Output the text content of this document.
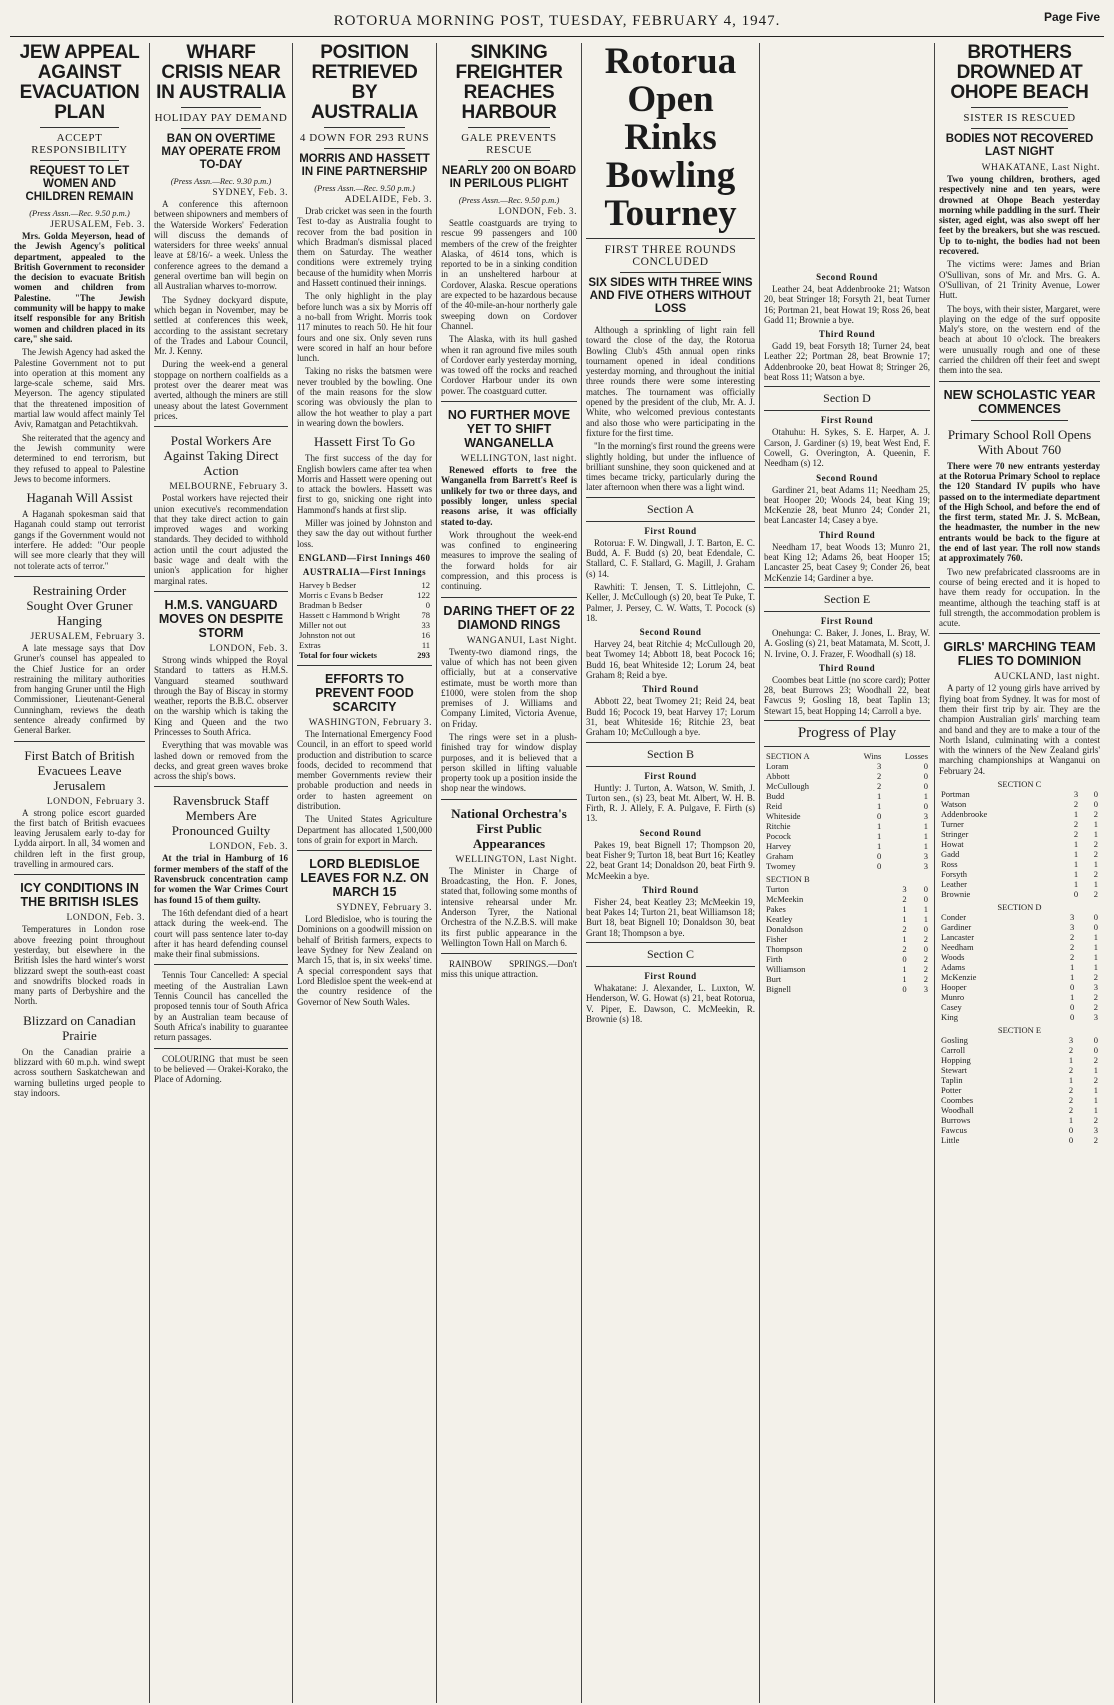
ROTORUA MORNING POST, TUESDAY, FEBRUARY 4, 1947.	Page Five
JEW APPEAL AGAINST EVACUATION PLAN
ACCEPT RESPONSIBILITY
REQUEST TO LET WOMEN AND CHILDREN REMAIN
(Press Assn.—Rec. 9.50 p.m.)
JERUSALEM, Feb. 3.

Mrs. Golda Meyerson, head of the Jewish Agency's political department, appealed to the British Government to reconsider the decision to evacuate British women and children from Palestine. "The Jewish community will be happy to make itself responsible for any British women and children placed in its care," she said.

The Jewish Agency had asked the Palestine Government not to put into operation at this moment any large-scale scheme, said Mrs. Meyerson. The agency stipulated that the threatened imposition of martial law would affect mainly Tel Aviv, Ramatgan and Petachtikvah.

She reiterated that the agency and the Jewish community were determined to end terrorism, but they refused to appeal to Palestine Jews to become informers.

Haganah Will Assist

A Haganah spokesman said that Haganah could stamp out terrorist gangs if the Government would not interfere. He added: "Our people will see more clearly that they will not tolerate acts of terror."

Restraining Order Sought Over Gruner Hanging
JERUSALEM, February 3.

A late message says that Dov Gruner's counsel has appealed to the Chief Justice for an order restraining the military authorities from hanging Gruner until the High Commissioner, Lieutenant-General Cunningham, reviews the death sentence already confirmed by General Barker.

First Batch of British Evacuees Leave Jerusalem
LONDON, February 3.

A strong police escort guarded the first batch of British evacuees leaving Jerusalem early to-day for Lydda airport. In all, 34 women and children left in the first group, travelling in armoured cars.

ICY CONDITIONS IN THE BRITISH ISLES
LONDON, Feb. 3.

Temperatures in London rose above freezing point throughout yesterday, but elsewhere in the British Isles the hard winter's worst blizzard swept the south-east coast and snowdrifts blocked roads in many parts of Derbyshire and the North.

Blizzard on Canadian Prairie

On the Canadian prairie a blizzard with 60 m.p.h. wind swept across southern Saskatchewan and warning bulletins urged people to stay indoors.

WHARF CRISIS NEAR IN AUSTRALIA
HOLIDAY PAY DEMAND
BAN ON OVERTIME MAY OPERATE FROM TO-DAY
(Press Assn.—Rec. 9.30 p.m.)
SYDNEY, Feb. 3.

A conference this afternoon between shipowners and members of the Waterside Workers' Federation will discuss the demands of watersiders for three weeks' annual leave at £8/16/- a week. Unless the conference agrees to the demand a general overtime ban will begin on all Australian wharves to-morrow.

The Sydney dockyard dispute, which began in November, may be settled at conferences this week, according to the assistant secretary of the Trades and Labour Council, Mr. J. Kenny.

During the week-end a general stoppage on northern coalfields as a protest over the dearer meat was averted, although the miners are still uneasy about the latest Government prices.

Postal Workers Are Against Taking Direct Action
MELBOURNE, February 3.

Postal workers have rejected their union executive's recommendation that they take direct action to gain improved wages and working standards. They decided to withhold action until the court adjusted the basic wage and dealt with the union's application for higher marginal rates.

H.M.S. VANGUARD MOVES ON DESPITE STORM
LONDON, Feb. 3.

Strong winds whipped the Royal Standard to tatters as H.M.S. Vanguard steamed southward through the Bay of Biscay in stormy weather, reports the B.B.C. observer on the warship which is taking the King and Queen and the two Princesses to South Africa.

Everything that was movable was lashed down or removed from the decks, and great green waves broke across the ship's bows.

Ravensbruck Staff Members Are Pronounced Guilty
LONDON, Feb. 3.

At the trial in Hamburg of 16 former members of the staff of the Ravensbruck concentration camp for women the War Crimes Court has found 15 of them guilty.

The 16th defendant died of a heart attack during the week-end. The court will pass sentence later to-day after it has heard defending counsel make their final submissions.

Tennis Tour Cancelled: A special meeting of the Australian Lawn Tennis Council has cancelled the proposed tennis tour of South Africa by an Australian team because of South Africa's inability to guarantee return passages.

COLOURING that must be seen to be believed — Orakei-Korako, the Place of Adorning.

POSITION RETRIEVED BY AUSTRALIA
4 DOWN FOR 293 RUNS
MORRIS AND HASSETT IN FINE PARTNERSHIP
(Press Assn.—Rec. 9.50 p.m.)
ADELAIDE, Feb. 3.

Drab cricket was seen in the fourth Test to-day as Australia fought to recover from the bad position in which Bradman's dismissal placed them on Saturday. The weather conditions were extremely trying because of the humidity when Morris and Hassett continued their innings.

The only highlight in the play before lunch was a six by Morris off a no-ball from Wright. Morris took 117 minutes to reach 50. He hit four fours and one six. Only seven runs were scored in half an hour before lunch.

Taking no risks the batsmen were never troubled by the bowling. One of the main reasons for the slow scoring was obviously the plan to allow the hot weather to play a part in wearing down the bowlers.

Hassett First To Go

The first success of the day for English bowlers came after tea when Morris and Hassett were opening out to attack the bowlers. Hassett was first to go, snicking one right into Hammond's hands at first slip.

Miller was joined by Johnston and they saw the day out without further loss.

ENGLAND—First Innings 460
AUSTRALIA—First Innings
Harvey b Bedser	12
Morris c Evans b Bedser	122
Bradman b Bedser	0
Hassett c Hammond b Wright	78
Miller not out	33
Johnston not out	16
Extras	11
Total for four wickets	293
EFFORTS TO PREVENT FOOD SCARCITY
WASHINGTON, February 3.

The International Emergency Food Council, in an effort to speed world production and distribution to scarce foods, decided to recommend that member Governments review their probable production and needs in order to hasten agreement on distribution.

The United States Agriculture Department has allocated 1,500,000 tons of grain for export in March.

LORD BLEDISLOE LEAVES FOR N.Z. ON MARCH 15
SYDNEY, February 3.

Lord Bledisloe, who is touring the Dominions on a goodwill mission on behalf of British farmers, expects to leave Sydney for New Zealand on March 15, that is, in six weeks' time. A special correspondent says that Lord Bledisloe spent the week-end at the country residence of the Governor of New South Wales.

SINKING FREIGHTER REACHES HARBOUR
GALE PREVENTS RESCUE
NEARLY 200 ON BOARD IN PERILOUS PLIGHT
(Press Assn.—Rec. 9.50 p.m.)
LONDON, Feb. 3.

Seattle coastguards are trying to rescue 99 passengers and 100 members of the crew of the freighter Alaska, of 4614 tons, which is reported to be in a sinking condition in an unsheltered harbour at Cordover, Alaska. Rescue operations are expected to be hazardous because of the 40-mile-an-hour northerly gale sweeping down on Cordover Channel.

The Alaska, with its hull gashed when it ran aground five miles south of Cordover early yesterday morning, was towed off the rocks and reached Cordover Harbour under its own power. The coastguard cutter.

NO FURTHER MOVE YET TO SHIFT WANGANELLA
WELLINGTON, last night.

Renewed efforts to free the Wanganella from Barrett's Reef is unlikely for two or three days, and possibly longer, unless special reasons arise, it was officially stated to-day.

Work throughout the week-end was confined to engineering measures to improve the sealing of the forward holds for air compression, and this process is continuing.

DARING THEFT OF 22 DIAMOND RINGS
WANGANUI, Last Night.

Twenty-two diamond rings, the value of which has not been given officially, but at a conservative estimate, must be worth more than £1000, were stolen from the shop premises of J. Williams and Company Limited, Victoria Avenue, on Friday.

The rings were set in a plush-finished tray for window display purposes, and it is believed that a person skilled in lifting valuable property took up a position inside the shop near the windows.

National Orchestra's First Public Appearances
WELLINGTON, Last Night.

The Minister in Charge of Broadcasting, the Hon. F. Jones, stated that, following some months of intensive rehearsal under Mr. Anderson Tyrer, the National Orchestra of the N.Z.B.S. will make its first public appearance in the Wellington Town Hall on March 6.

RAINBOW SPRINGS.—Don't miss this unique attraction.

Rotorua Open Rinks Bowling Tourney
FIRST THREE ROUNDS CONCLUDED
SIX SIDES WITH THREE WINS AND FIVE OTHERS WITHOUT LOSS

Although a sprinkling of light rain fell toward the close of the day, the Rotorua Bowling Club's 45th annual open rinks tournament opened in ideal conditions yesterday morning, and throughout the initial three rounds there were some interesting matches. The tournament was officially opened by the president of the club, Mr. A. J. White, who welcomed previous contestants and also those who were participating in the fixture for the first time.

"In the morning's first round the greens were slightly holding, but under the influence of brilliant sunshine, they soon quickened and at times became tricky, particularly during the later afternoon when there was a light wind.

Section A
First Round

Rotorua: F. W. Dingwall, J. T. Barton, E. C. Budd, A. F. Budd (s) 20, beat Edendale, C. Stallard, C. F. Stallard, G. Magill, J. Graham (s) 14.

Rawhiti: T. Jensen, T. S. Littlejohn, C. Keller, J. McCullough (s) 20, beat Te Puke, T. Palmer, J. Persey, C. W. Watts, T. Pocock (s) 18.

Second Round

Harvey 24, beat Ritchie 4; McCullough 20, beat Twomey 14; Abbott 18, beat Pocock 16; Budd 16, beat Whiteside 12; Lorum 24, beat Graham 8; Reid a bye.

Third Round

Abbott 22, beat Twomey 21; Reid 24, beat Budd 16; Pocock 19, beat Harvey 17; Lorum 31, beat Whiteside 16; Ritchie 23, beat Graham 10; McCullough a bye.

Section B
First Round

Huntly: J. Turton, A. Watson, W. Smith, J. Turton sen., (s) 23, beat Mt. Albert, W. H. B. Firth, R. J. Allely, F. A. Pulgave, F. Firth (s) 13.

Second Round

Pakes 19, beat Bignell 17; Thompson 20, beat Fisher 9; Turton 18, beat Burt 16; Keatley 22, beat Grant 14; Donaldson 20, beat Firth 9. McMeekin a bye.

Third Round

Fisher 24, beat Keatley 23; McMeekin 19, beat Pakes 14; Turton 21, beat Williamson 18; Burt 18, beat Bignell 10; Donaldson 30, beat Grant 18; Thompson a bye.

Section C
First Round

Whakatane: J. Alexander, L. Luxton, W. Henderson, W. G. Howat (s) 21, beat Rotorua, V. Piper, E. Dawson, C. McMeekin, R. Brownie (s) 18.

Second Round

Leather 24, beat Addenbrooke 21; Watson 20, beat Stringer 18; Forsyth 21, beat Turner 16; Portman 21, beat Howat 19; Ross 26, beat Gadd 11; Brownie a bye.

Third Round

Gadd 19, beat Forsyth 18; Turner 24, beat Leather 22; Portman 28, beat Brownie 17; Addenbrooke 20, beat Howat 8; Stringer 26, beat Ross 11; Watson a bye.

Section D
First Round

Otahuhu: H. Sykes, S. E. Harper, A. J. Carson, J. Gardiner (s) 19, beat West End, F. Cowell, G. Overington, A. Queenin, F. Needham (s) 12.

Second Round

Gardiner 21, beat Adams 11; Needham 25, beat Hooper 20; Woods 24, beat King 19; McKenzie 28, beat Munro 24; Conder 21, beat Lancaster 14; Casey a bye.

Third Round

Needham 17, beat Woods 13; Munro 21, beat King 12; Adams 26, beat Hooper 15; Lancaster 25, beat Casey 9; Conder 26, beat McKenzie 14; Gardiner a bye.

Section E
First Round

Onehunga: C. Baker, J. Jones, L. Bray, W. A. Gosling (s) 21, beat Matamata, M. Scott, J. N. Irvine, O. J. Frazer, F. Woodhall (s) 18.

Third Round

Coombes beat Little (no score card); Potter 28, beat Burrows 23; Woodhall 22, beat Fawcus 9; Gosling 18, beat Taplin 13; Stewart 15, beat Hopping 14; Carroll a bye.

Progress of Play
SECTION A	Wins	Losses
Loram	3	0
Abbott	2	0
McCullough	2	0
Budd	1	1
Reid	1	0
Whiteside	0	3
Ritchie	1	1
Pocock	1	1
Harvey	1	1
Graham	0	3
Twomey	0	3
SECTION B		
Turton	3	0
McMeekin	2	0
Pakes	1	1
Keatley	1	1
Donaldson	2	0
Fisher	1	2
Thompson	2	0
Firth	0	2
Williamson	1	2
Burt	1	2
Bignell	0	3
BROTHERS DROWNED AT OHOPE BEACH
SISTER IS RESCUED
BODIES NOT RECOVERED LAST NIGHT
WHAKATANE, Last Night.

Two young children, brothers, aged respectively nine and ten years, were drowned at Ohope Beach yesterday morning while paddling in the surf. Their sister, aged eight, was also swept off her feet by the breakers, but she was rescued. Up to to-night, the bodies had not been recovered.

The victims were: James and Brian O'Sullivan, sons of Mr. and Mrs. G. A. O'Sullivan, of 21 Trinity Avenue, Lower Hutt.

The boys, with their sister, Margaret, were playing on the edge of the surf opposite Maly's store, on the western end of the beach at about 10 o'clock. The breakers were unusually rough and one of these carried the children off their feet and swept them into the sea.

NEW SCHOLASTIC YEAR COMMENCES
Primary School Roll Opens With About 760

There were 70 new entrants yesterday at the Rotorua Primary School to replace the 120 Standard IV pupils who have passed on to the intermediate department of the High School, and before the end of the first term, stated Mr. J. S. McBean, the headmaster, the number in the new entrants would be back to the figure at the end of last year. The roll now stands at approximately 760.

Two new prefabricated classrooms are in course of being erected and it is hoped to have them ready for occupation. In the meantime, although the teaching staff is at full strength, the accommodation problem is acute.

GIRLS' MARCHING TEAM FLIES TO DOMINION
AUCKLAND, last night.

A party of 12 young girls have arrived by flying boat from Sydney. It was for most of them their first trip by air. They are the champion Australian girls' marching team and band and they are to make a tour of the North Island, culminating with a contest with the winners of the New Zealand girls' marching championships at Wanganui on February 24.

SECTION C		
Portman	3	0
Watson	2	0
Addenbrooke	1	2
Turner	2	1
Stringer	2	1
Howat	1	2
Gadd	1	2
Ross	1	1
Forsyth	1	2
Leather	1	1
Brownie	0	2
SECTION D		
Conder	3	0
Gardiner	3	0
Lancaster	2	1
Needham	2	1
Woods	2	1
Adams	1	1
McKenzie	1	2
Hooper	0	3
Munro	1	2
Casey	0	2
King	0	3
SECTION E		
Gosling	3	0
Carroll	2	0
Hopping	1	2
Stewart	2	1
Taplin	1	2
Potter	2	1
Coombes	2	1
Woodhall	2	1
Burrows	1	2
Fawcus	0	3
Little	0	2
